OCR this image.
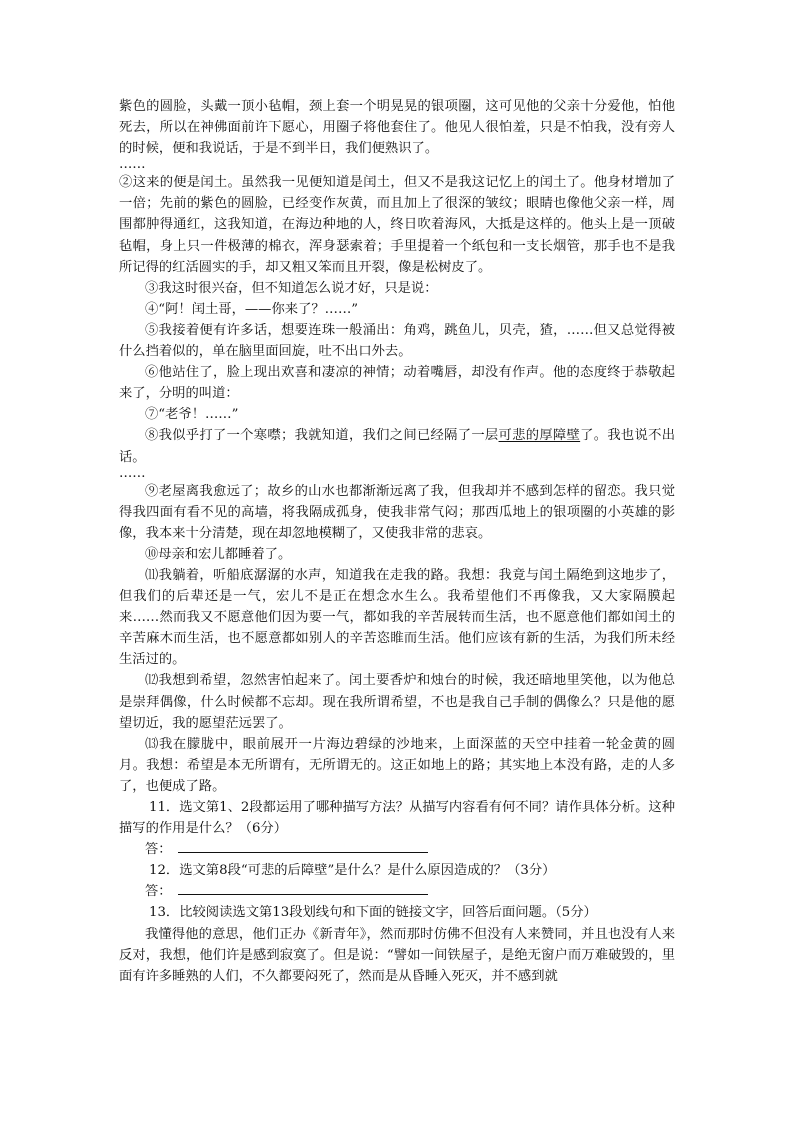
紫色的圆脸，头戴一顶小毡帽，颈上套一个明晃晃的银项圈，这可见他的父亲十分爱他，怕他死去，所以在神佛面前许下愿心，用圈子将他套住了。他见人很怕羞，只是不怕我，没有旁人的时候，便和我说话，于是不到半日，我们便熟识了。

……

②这来的便是闰土。虽然我一见便知道是闰土，但又不是我这记忆上的闰土了。他身材增加了一倍；先前的紫色的圆脸，已经变作灰黄，而且加上了很深的皱纹；眼睛也像他父亲一样，周围都肿得通红，这我知道，在海边种地的人，终日吹着海风，大抵是这样的。他头上是一顶破毡帽，身上只一件极薄的棉衣，浑身瑟索着；手里提着一个纸包和一支长烟管，那手也不是我所记得的红活圆实的手，却又粗又笨而且开裂，像是松树皮了。

③我这时很兴奋，但不知道怎么说才好，只是说：

④“阿！闰土哥，——你来了？……”

⑤我接着便有许多话，想要连珠一般涌出：角鸡，跳鱼儿，贝壳，猹，……但又总觉得被什么挡着似的，单在脑里面回旋，吐不出口外去。

⑥他站住了，脸上现出欢喜和凄凉的神情；动着嘴唇，却没有作声。他的态度终于恭敬起来了，分明的叫道：

⑦“老爷！……”

⑧我似乎打了一个寒噤；我就知道，我们之间已经隔了一层可悲的厚障壁了。我也说不出话。

……

⑨老屋离我愈远了；故乡的山水也都渐渐远离了我，但我却并不感到怎样的留恋。我只觉得我四面有看不见的高墙，将我隔成孤身，使我非常气闷；那西瓜地上的银项圈的小英雄的影像，我本来十分清楚，现在却忽地模糊了，又使我非常的悲哀。

⑩母亲和宏儿都睡着了。

⑾我躺着，听船底潺潺的水声，知道我在走我的路。我想：我竟与闰土隔绝到这地步了，但我们的后辈还是一气，宏儿不是正在想念水生么。我希望他们不再像我，又大家隔膜起来……然而我又不愿意他们因为要一气，都如我的辛苦展转而生活，也不愿意他们都如闰土的辛苦麻木而生活，也不愿意都如别人的辛苦恣睢而生活。他们应该有新的生活，为我们所未经生活过的。

⑿我想到希望，忽然害怕起来了。闰土要香炉和烛台的时候，我还暗地里笑他，以为他总是崇拜偶像，什么时候都不忘却。现在我所谓希望，不也是我自己手制的偶像么？只是他的愿望切近，我的愿望茫远罢了。

⒀我在朦胧中，眼前展开一片海边碧绿的沙地来，上面深蓝的天空中挂着一轮金黄的圆月。我想：希望是本无所谓有，无所谓无的。这正如地上的路；其实地上本没有路，走的人多了，也便成了路。

11．选文第1、2段都运用了哪种描写方法？从描写内容看有何不同？请作具体分析。这种描写的作用是什么？（6分）

答：

12．选文第8段“可悲的后障壁”是什么？是什么原因造成的？（3分）

答：

13．比较阅读选文第13段划线句和下面的链接文字，回答后面问题。（5分）

我懂得他的意思，他们正办《新青年》，然而那时仿佛不但没有人来赞同，并且也没有人来反对，我想，他们许是感到寂寞了。但是说：“譬如一间铁屋子，是绝无窗户而万难破毁的，里面有许多睡熟的人们，不久都要闷死了，然而是从昏睡入死灭，并不感到就
